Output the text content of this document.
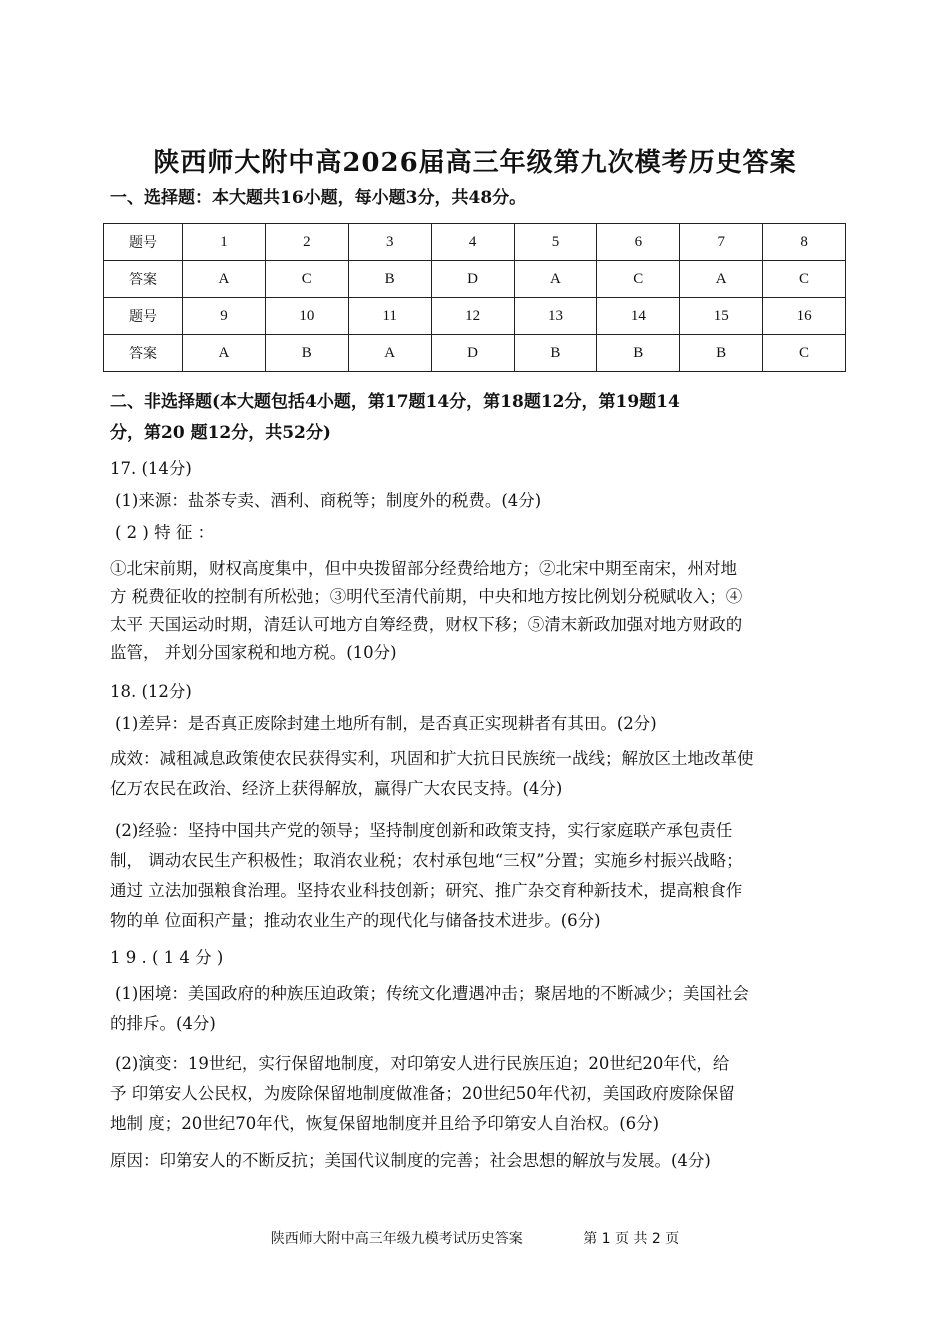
陕西师大附中高2026届高三年级第九次模考历史答案
一、选择题：本大题共16小题，每小题3分，共48分。
题号	1	2	3	4	5	6	7	8
答案	A	C	B	D	A	C	A	C
题号	9	10	11	12	13	14	15	16
答案	A	B	A	D	B	B	B	C
二、非选择题(本大题包括4小题，第17题14分，第18题12分，第19题14
分，第20 题12分，共52分)
17. (14分)
(1)来源：盐茶专卖、酒利、商税等；制度外的税费。(4分)
( 2 ) 特 征 ：
①北宋前期，财权高度集中，但中央拨留部分经费给地方；②北宋中期至南宋，州对地
方 税费征收的控制有所松弛；③明代至清代前期，中央和地方按比例划分税赋收入；④
太平 天国运动时期，清廷认可地方自筹经费，财权下移；⑤清末新政加强对地方财政的
监管， 并划分国家税和地方税。(10分)
18. (12分)
(1)差异：是否真正废除封建土地所有制，是否真正实现耕者有其田。(2分)
成效：减租减息政策使农民获得实利，巩固和扩大抗日民族统一战线；解放区土地改革使
亿万农民在政治、经济上获得解放，赢得广大农民支持。(4分)
(2)经验：坚持中国共产党的领导；坚持制度创新和政策支持，实行家庭联产承包责任
制， 调动农民生产积极性；取消农业税；农村承包地“三权”分置；实施乡村振兴战略；
通过 立法加强粮食治理。坚持农业科技创新；研究、推广杂交育种新技术，提高粮食作
物的单 位面积产量；推动农业生产的现代化与储备技术进步。(6分)
1 9 . ( 1 4 分 )
(1)困境：美国政府的种族压迫政策；传统文化遭遇冲击；聚居地的不断减少；美国社会
的排斥。(4分)
(2)演变：19世纪，实行保留地制度，对印第安人进行民族压迫；20世纪20年代，给
予 印第安人公民权，为废除保留地制度做准备；20世纪50年代初，美国政府废除保留
地制 度；20世纪70年代，恢复保留地制度并且给予印第安人自治权。(6分)
原因：印第安人的不断反抗；美国代议制度的完善；社会思想的解放与发展。(4分)
陕西师大附中高三年级九模考试历史答案	第 1 页 共 2 页
